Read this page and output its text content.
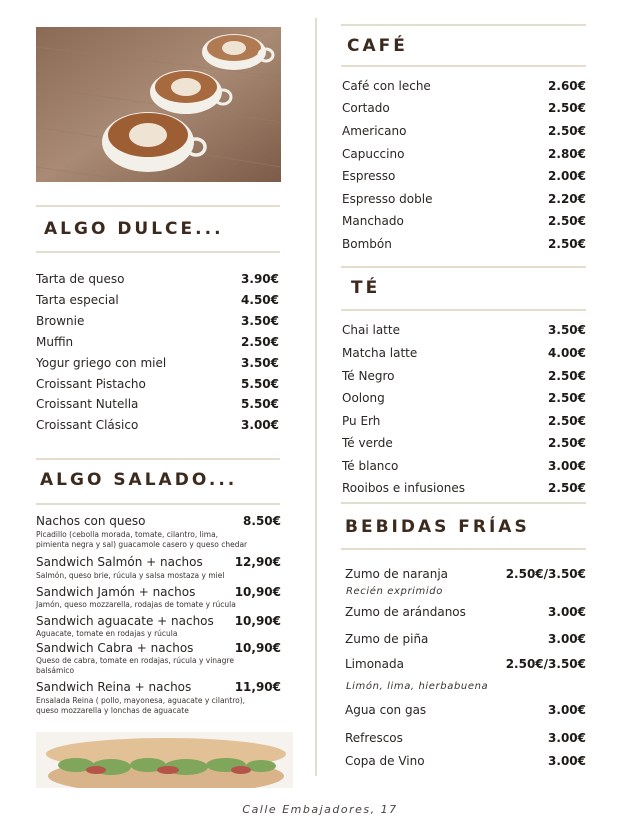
ALGO DULCE...
ALGO SALADO...
CAFÉ
TÉ
BEBIDAS FRÍAS
Calle Embajadores, 17
Tarta de queso	3.90€
Tarta especial	4.50€
Brownie	3.50€
Muffin	2.50€
Yogur griego con miel	3.50€
Croissant Pistacho	5.50€
Croissant Nutella	5.50€
Croissant Clásico	3.00€
Café con leche	2.60€
Cortado	2.50€
Americano	2.50€
Capuccino	2.80€
Espresso	2.00€
Espresso doble	2.20€
Manchado	2.50€
Bombón	2.50€
Chai latte	3.50€
Matcha latte	4.00€
Té Negro	2.50€
Oolong	2.50€
Pu Erh	2.50€
Té verde	2.50€
Té blanco	3.00€
Rooibos e infusiones	2.50€
Nachos con queso	8.50€
Picadillo (cebolla morada, tomate, cilantro, lima, pimienta negra y sal) guacamole casero y queso chedar
Sandwich Salmón + nachos	12,90€
Salmón, queso brie, rúcula y salsa mostaza y miel
Sandwich Jamón + nachos	10,90€
Jamón, queso mozzarella, rodajas de tomate y rúcula
Sandwich aguacate + nachos 10,90€
Aguacate, tomate en rodajas y rúcula
Sandwich Cabra + nachos	10,90€
Queso de cabra, tomate en rodajas, rúcula y vinagre balsámico
Sandwich Reina + nachos	11,90€
Ensalada Reina ( pollo, mayonesa, aguacate y cilantro), queso mozzarella y lonchas de aguacate
Zumo de naranja	2.50€/3.50€
Zumo de arándanos	3.00€
Zumo de piña	3.00€
Limonada	2.50€/3.50€
Agua con gas	3.00€
Refrescos	3.00€
Copa de Vino	3.00€
Recién exprimido
Limón, lima, hierbabuena
